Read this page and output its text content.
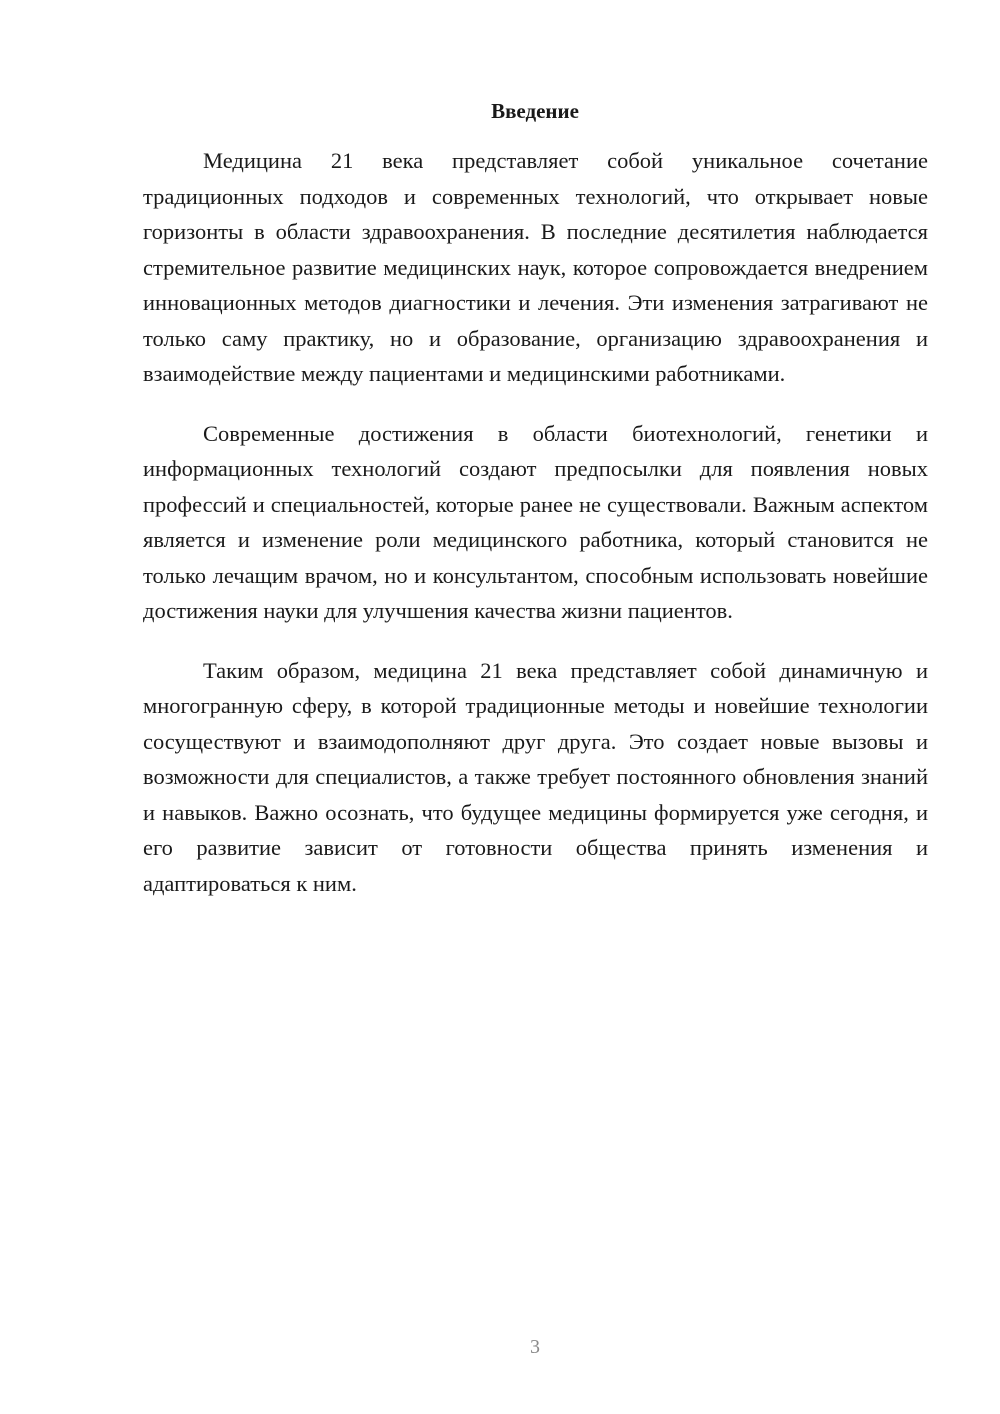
Введение

Медицина 21 века представляет собой уникальное сочетание традиционных подходов и современных технологий, что открывает новые горизонты в области здравоохранения. В последние десятилетия наблюдается стремительное развитие медицинских наук, которое сопровождается внедрением инновационных методов диагностики и лечения. Эти изменения затрагивают не только саму практику, но и образование, организацию здравоохранения и взаимодействие между пациентами и медицинскими работниками.

Современные достижения в области биотехнологий, генетики и информационных технологий создают предпосылки для появления новых профессий и специальностей, которые ранее не существовали. Важным аспектом является и изменение роли медицинского работника, который становится не только лечащим врачом, но и консультантом, способным использовать новейшие достижения науки для улучшения качества жизни пациентов.

Таким образом, медицина 21 века представляет собой динамичную и многогранную сферу, в которой традиционные методы и новейшие технологии сосуществуют и взаимодополняют друг друга. Это создает новые вызовы и возможности для специалистов, а также требует постоянного обновления знаний и навыков. Важно осознать, что будущее медицины формируется уже сегодня, и его развитие зависит от готовности общества принять изменения и адаптироваться к ним.

3
